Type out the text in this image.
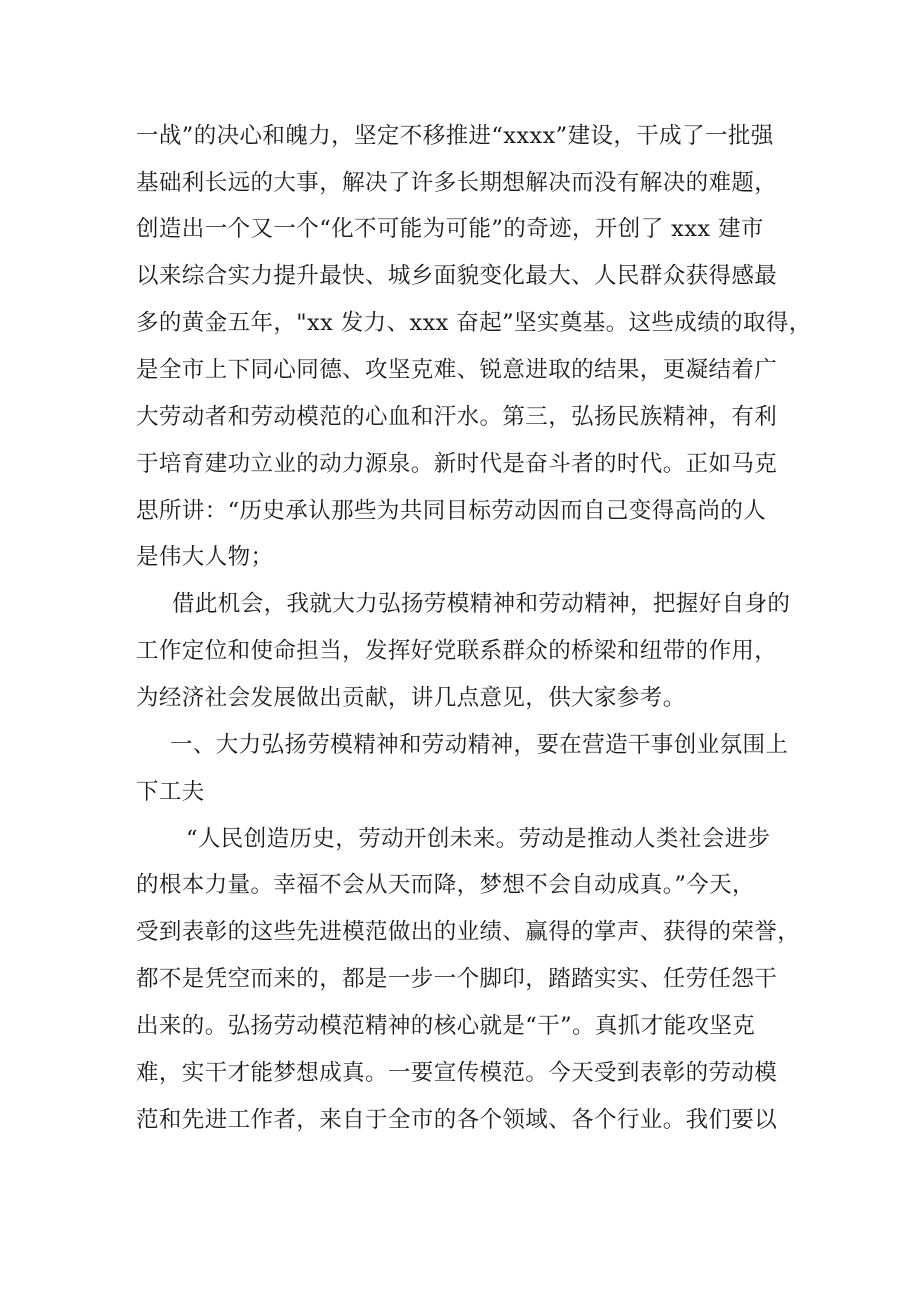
一战”的决心和魄力，坚定不移推进“xxxx”建设，干成了一批强
基础利长远的大事，解决了许多长期想解决而没有解决的难题，
创造出一个又一个“化不可能为可能”的奇迹，开创了 xxx 建市
以来综合实力提升最快、城乡面貌变化最大、人民群众获得感最
多的黄金五年，"xx 发力、xxx 奋起”坚实奠基。这些成绩的取得，
是全市上下同心同德、攻坚克难、锐意进取的结果，更凝结着广
大劳动者和劳动模范的心血和汗水。第三，弘扬民族精神，有利
于培育建功立业的动力源泉。新时代是奋斗者的时代。正如马克
思所讲：“历史承认那些为共同目标劳动因而自己变得高尚的人
是伟大人物；
借此机会，我就大力弘扬劳模精神和劳动精神，把握好自身的
工作定位和使命担当，发挥好党联系群众的桥梁和纽带的作用，
为经济社会发展做出贡献，讲几点意见，供大家参考。
一、大力弘扬劳模精神和劳动精神，要在营造干事创业氛围上
下工夫
“人民创造历史，劳动开创未来。劳动是推动人类社会进步
的根本力量。幸福不会从天而降，梦想不会自动成真。”今天，
受到表彰的这些先进模范做出的业绩、赢得的掌声、获得的荣誉，
都不是凭空而来的，都是一步一个脚印，踏踏实实、任劳任怨干
出来的。弘扬劳动模范精神的核心就是“干”。真抓才能攻坚克
难，实干才能梦想成真。一要宣传模范。今天受到表彰的劳动模
范和先进工作者，来自于全市的各个领域、各个行业。我们要以
